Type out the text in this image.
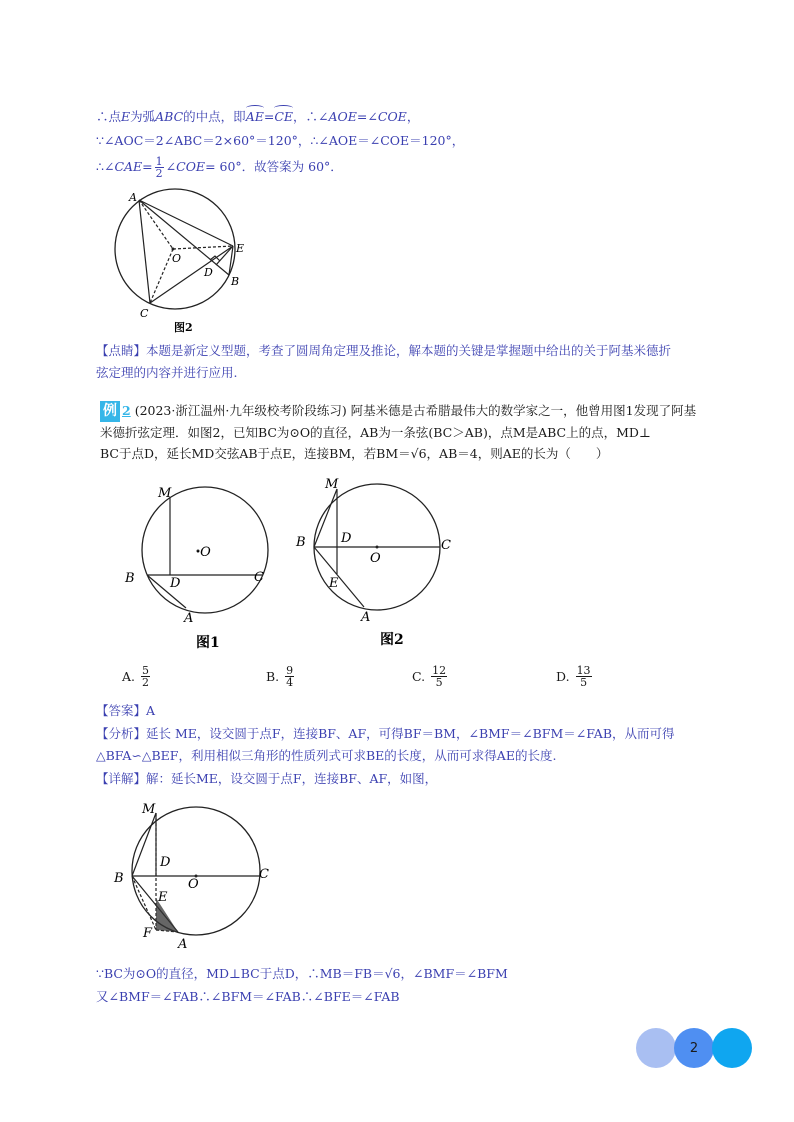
∴点E为弧ABC的中点，即AE=CE，∴∠AOE=∠COE，
∵∠AOC＝2∠ABC＝2×60°＝120°，∴∠AOE＝∠COE＝120°，
∴∠CAE= $\frac{1}{2}$ ∠COE= 60°．故答案为 60°．
A
O
E
D
B
C
图2
【点睛】本题是新定义型题，考查了圆周角定理及推论，解本题的关键是掌握题中给出的关于阿基米德折
弦定理的内容并进行应用.
例 2 (2023·浙江温州·九年级校考阶段练习) 阿基米德是古希腊最伟大的数学家之一，他曾用图1发现了阿基
米德折弦定理．如图2，已知BC为⊙O的直径，AB为一条弦(BC＞AB)，点M是ABC上的点，MD⊥
BC于点D，延长MD交弦AB于点E，连接BM，若BM＝√6，AB＝4，则AE的长为（　　）
M
·O
B	C
D
A
图1
M
D
O
B	C
E
A
图2
A. $\frac{5}{2}$	B. $\frac{9}{4}$	C. $\frac{12}{5}$	D. $\frac{13}{5}$
【答案】A
【分析】延长 ME，设交圆于点F，连接BF、AF，可得BF＝BM，∠BMF＝∠BFM＝∠FAB，从而可得
△BFA∽△BEF，利用相似三角形的性质列式可求BE的长度，从而可求得AE的长度.
【详解】解：延长ME，设交圆于点F，连接BF、AF，如图，
M
D
O
B	C
E
F
A
∵BC为⊙O的直径，MD⊥BC于点D，∴MB＝FB＝√6，∠BMF＝∠BFM
又∠BMF＝∠FAB∴∠BFM＝∠FAB∴∠BFE＝∠FAB
2
